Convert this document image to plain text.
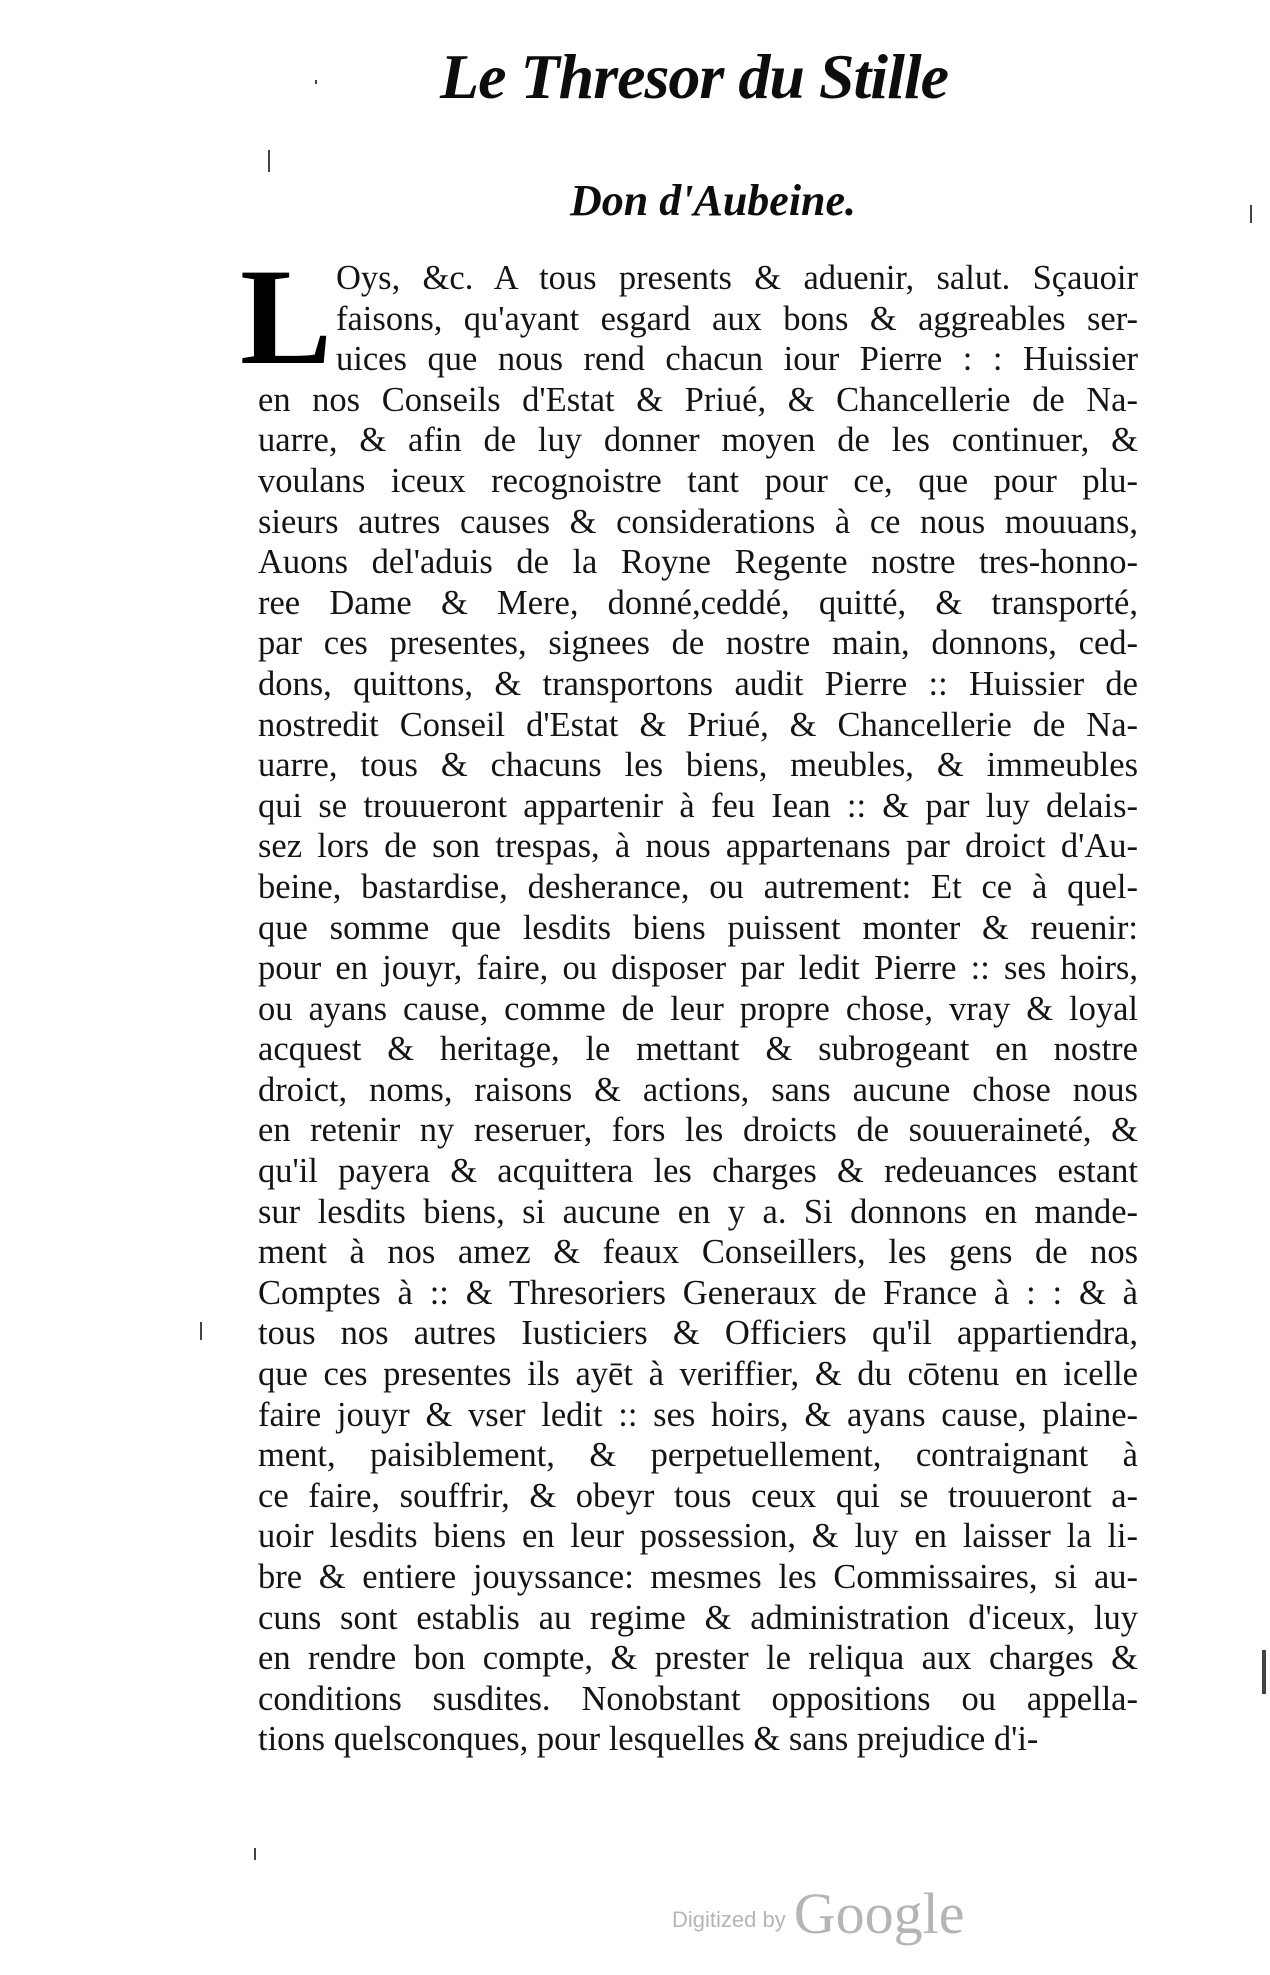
Le Thresor du Stille
Don d'Aubeine.
L Oys, &c. A tous presents & aduenir, salut. Sçauoir
faisons, qu'ayant esgard aux bons & aggreables ser-
uices que nous rend chacun iour Pierre : : Huissier
en nos Conseils d'Estat & Priué, & Chancellerie de Na-
uarre, & afin de luy donner moyen de les continuer, &
voulans iceux recognoistre tant pour ce, que pour plu-
sieurs autres causes & considerations à ce nous mouuans,
Auons del'aduis de la Royne Regente nostre tres-honno-
ree Dame & Mere, donné,ceddé, quitté, & transporté,
par ces presentes, signees de nostre main, donnons, ced-
dons, quittons, & transportons audit Pierre :: Huissier de
nostredit Conseil d'Estat & Priué, & Chancellerie de Na-
uarre, tous & chacuns les biens, meubles, & immeubles
qui se trouueront appartenir à feu Iean :: & par luy delais-
sez lors de son trespas, à nous appartenans par droict d'Au-
beine, bastardise, desherance, ou autrement: Et ce à quel-
que somme que lesdits biens puissent monter & reuenir:
pour en jouyr, faire, ou disposer par ledit Pierre :: ses hoirs,
ou ayans cause, comme de leur propre chose, vray & loyal
acquest & heritage, le mettant & subrogeant en nostre
droict, noms, raisons & actions, sans aucune chose nous
en retenir ny reseruer, fors les droicts de souueraineté, &
qu'il payera & acquittera les charges & redeuances estant
sur lesdits biens, si aucune en y a. Si donnons en mande-
ment à nos amez & feaux Conseillers, les gens de nos
Comptes à :: & Thresoriers Generaux de France à : : & à
tous nos autres Iusticiers & Officiers qu'il appartiendra,
que ces presentes ils ayēt à veriffier, & du cōtenu en icelle
faire jouyr & vser ledit :: ses hoirs, & ayans cause, plaine-
ment, paisiblement, & perpetuellement, contraignant à
ce faire, souffrir, & obeyr tous ceux qui se trouueront a-
uoir lesdits biens en leur possession, & luy en laisser la li-
bre & entiere jouyssance: mesmes les Commissaires, si au-
cuns sont establis au regime & administration d'iceux, luy
en rendre bon compte, & prester le reliqua aux charges &
conditions susdites. Nonobstant oppositions ou appella-
tions quelsconques, pour lesquelles & sans prejudice d'i-
Digitized by Google
